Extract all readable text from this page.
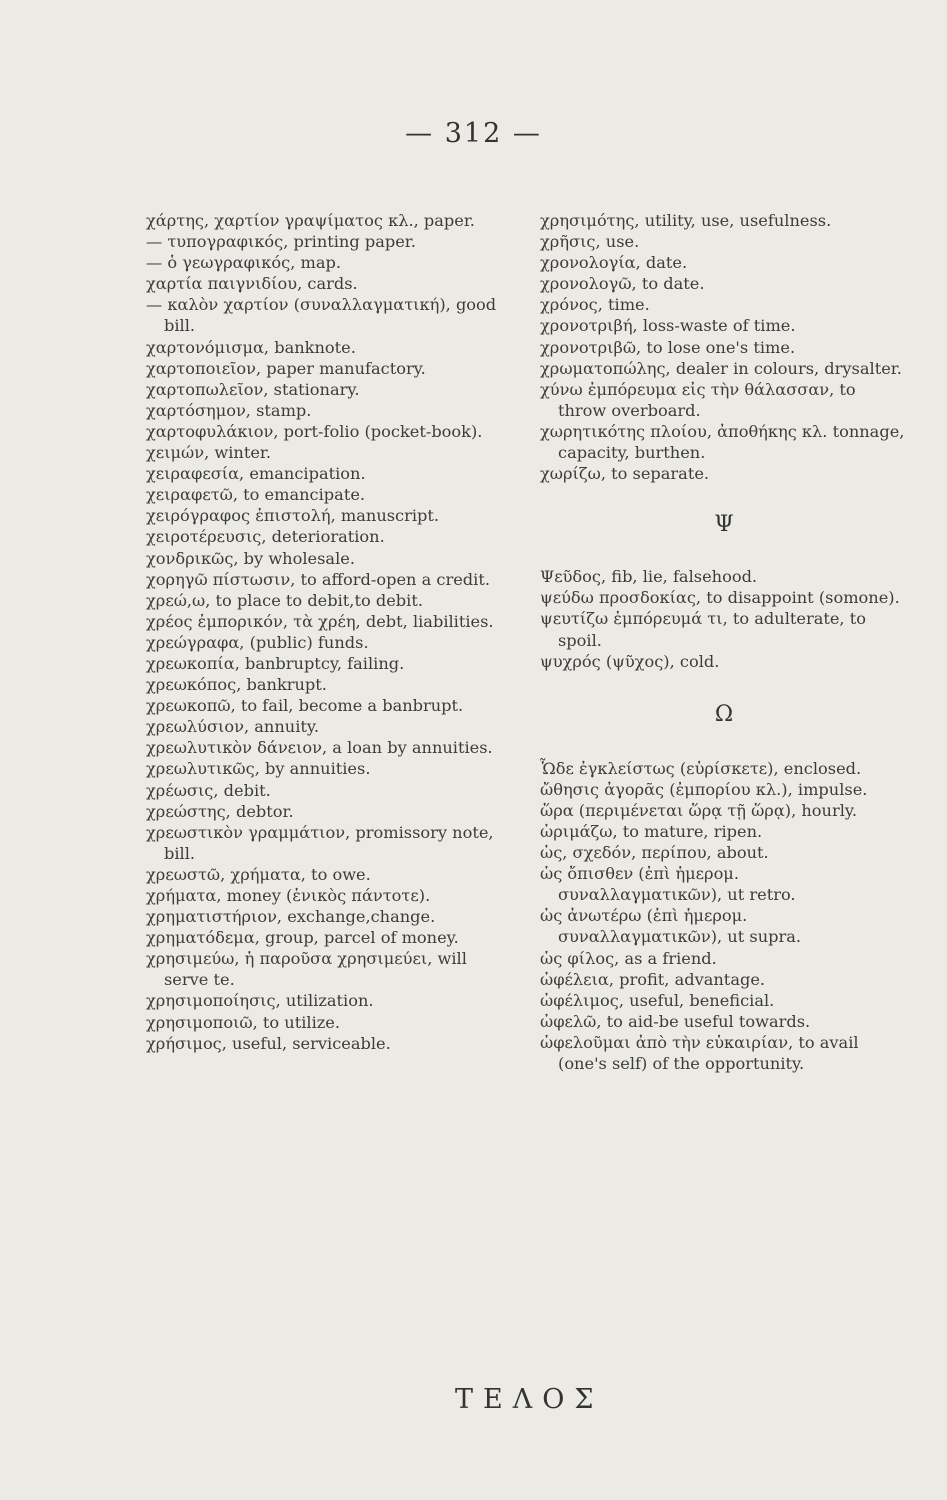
— 312 —

χάρτης, χαρτίον γραψίματος κλ., paper.

— τυπογραφικός, printing paper.

— ὁ γεωγραφικός, map.

χαρτία παιγνιδίου, cards.

— καλὸν χαρτίον (συναλλαγματική), good bill.

χαρτονόμισμα, banknote.

χαρτοποιεῖον, paper manufactory.

χαρτοπωλεῖον, stationary.

χαρτόσημον, stamp.

χαρτοφυλάκιον, port-folio (pocket-book).

χειμών, winter.

χειραφεσία, emancipation.

χειραφετῶ, to emancipate.

χειρόγραφος ἐπιστολή, manuscript.

χειροτέρευσις, deterioration.

χονδρικῶς, by wholesale.

χορηγῶ πίστωσιν, to afford-open a credit.

χρεώ,ω, to place to debit,to debit.

χρέος ἐμπορικόν, τὰ χρέη, debt, liabilities.

χρεώγραφα, (public) funds.

χρεωκοπία, banbruptcy, failing.

χρεωκόπος, bankrupt.

χρεωκοπῶ, to fail, become a banbrupt.

χρεωλύσιον, annuity.

χρεωλυτικὸν δάνειον, a loan by annuities.

χρεωλυτικῶς, by annuities.

χρέωσις, debit.

χρεώστης, debtor.

χρεωστικὸν γραμμάτιον, promissory note, bill.

χρεωστῶ, χρήματα, to owe.

χρήματα, money (ἑνικὸς πάντοτε).

χρηματιστήριον, exchange,change.

χρηματόδεμα, group, parcel of money.

χρησιμεύω, ἡ παροῦσα χρησιμεύει, will serve te.

χρησιμοποίησις, utilization.

χρησιμοποιῶ, to utilize.

χρήσιμος, useful, serviceable.

χρησιμότης, utility, use, usefulness.

χρῆσις, use.

χρονολογία, date.

χρονολογῶ, to date.

χρόνος, time.

χρονοτριβή, loss-waste of time.

χρονοτριβῶ, to lose one's time.

χρωματοπώλης, dealer in colours, drysalter.

χύνω ἐμπόρευμα εἰς τὴν θάλασσαν, to throw overboard.

χωρητικότης πλοίου, ἀποθήκης κλ. tonnage, capacity, burthen.

χωρίζω, to separate.

Ψ

Ψεῦδος, fib, lie, falsehood.

ψεύδω προσδοκίας, to disappoint (somone).

ψευτίζω ἐμπόρευμά τι, to adulterate, to spoil.

ψυχρός (ψῦχος), cold.

Ω

Ὧδε ἐγκλείστως (εὑρίσκετε), enclosed.

ὤθησις ἀγορᾶς (ἐμπορίου κλ.), impulse.

ὥρα (περιμένεται ὥρᾳ τῇ ὥρᾳ), hourly.

ὡριμάζω, to mature, ripen.

ὡς, σχεδόν, περίπου, about.

ὡς ὄπισθεν (ἐπὶ ἡμερομ. συναλλαγματικῶν), ut retro.

ὡς ἀνωτέρω (ἐπὶ ἡμερομ. συναλλαγματικῶν), ut supra.

ὡς φίλος, as a friend.

ὠφέλεια, profit, advantage.

ὠφέλιμος, useful, beneficial.

ὠφελῶ, to aid-be useful towards.

ὠφελοῦμαι ἀπὸ τὴν εὐκαιρίαν, to avail (one's self) of the opportunity.

ΤΕΛΟΣ
